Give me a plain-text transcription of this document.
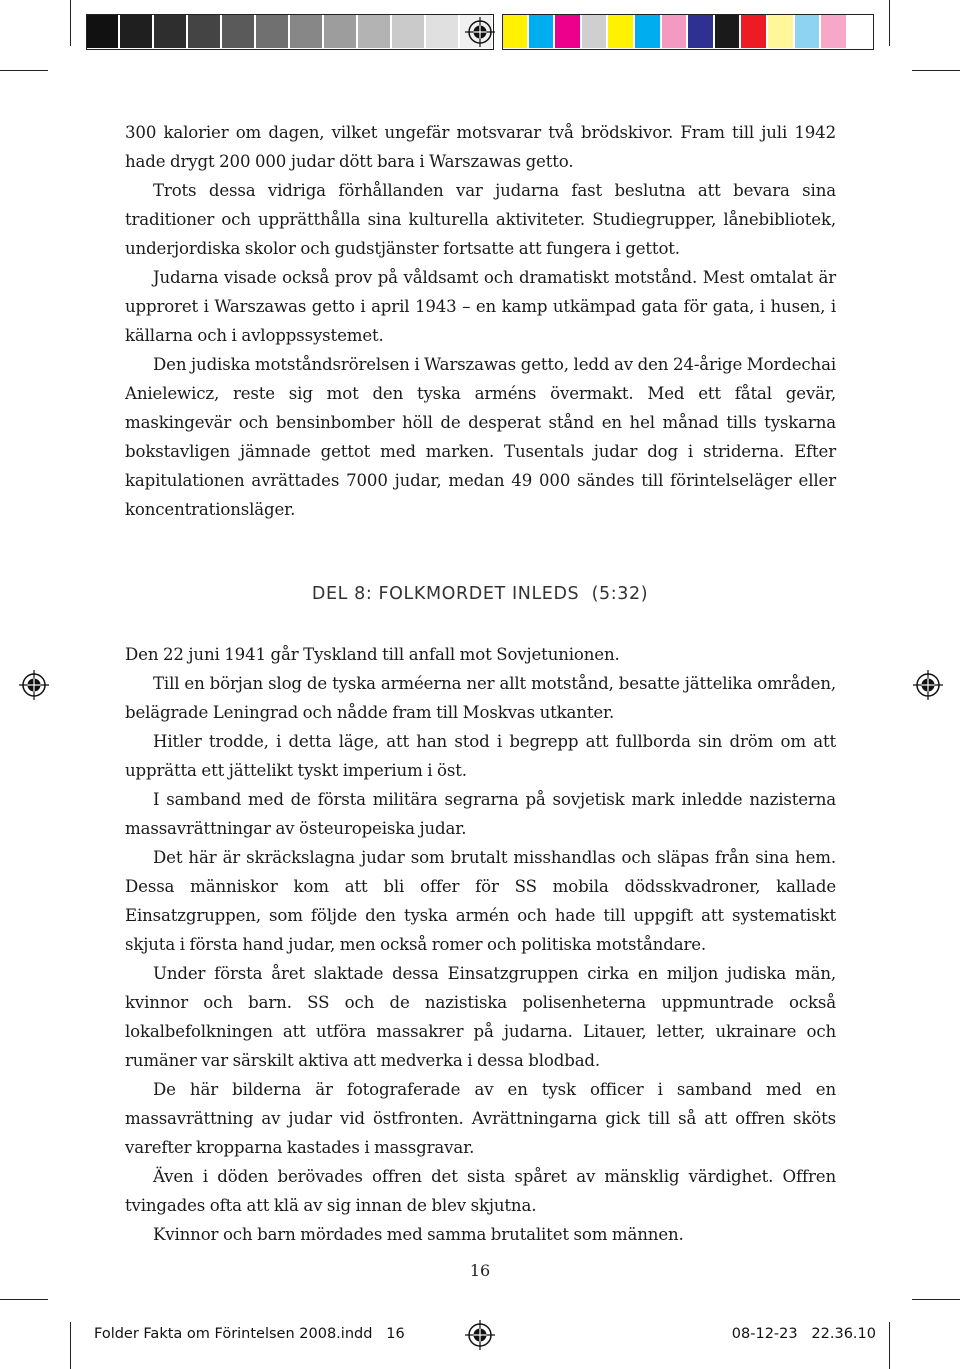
300 kalorier om dagen, vilket ungefär motsvarar två brödskivor. Fram till juli 1942 hade drygt 200 000 judar dött bara i Warszawas getto.

Trots dessa vidriga förhållanden var judarna fast beslutna att bevara sina traditioner och upprätthålla sina kulturella aktiviteter. Studiegrupper, lånebibliotek, underjordiska skolor och gudstjänster fortsatte att fungera i gettot.

Judarna visade också prov på våldsamt och dramatiskt motstånd. Mest omtalat är upproret i Warszawas getto i april 1943 – en kamp utkämpad gata för gata, i husen, i källarna och i avloppssystemet.

Den judiska motståndsrörelsen i Warszawas getto, ledd av den 24-årige Mordechai Anielewicz, reste sig mot den tyska arméns övermakt. Med ett fåtal gevär, maskingevär och bensinbomber höll de desperat stånd en hel månad tills tyskarna bokstavligen jämnade gettot med marken. Tusentals judar dog i striderna. Efter kapitulationen avrättades 7000 judar, medan 49 000 sändes till förintelseläger eller koncentrationsläger.

DEL 8: FOLKMORDET INLEDS  (5:32)

Den 22 juni 1941 går Tyskland till anfall mot Sovjetunionen.

Till en början slog de tyska arméerna ner allt motstånd, besatte jättelika områden, belägrade Leningrad och nådde fram till Moskvas utkanter.

Hitler trodde, i detta läge, att han stod i begrepp att fullborda sin dröm om att upprätta ett jättelikt tyskt imperium i öst.

I samband med de första militära segrarna på sovjetisk mark inledde nazisterna massavrättningar av östeuropeiska judar.

Det här är skräckslagna judar som brutalt misshandlas och släpas från sina hem. Dessa människor kom att bli offer för SS mobila dödsskvadroner, kallade Einsatzgruppen, som följde den tyska armén och hade till uppgift att systematiskt skjuta i första hand judar, men också romer och politiska motståndare.

Under första året slaktade dessa Einsatzgruppen cirka en miljon judiska män, kvinnor och barn. SS och de nazistiska polisenheterna uppmuntrade också lokalbefolkningen att utföra massakrer på judarna. Litauer, letter, ukrainare och rumäner var särskilt aktiva att medverka i dessa blodbad.

De här bilderna är fotograferade av en tysk officer i samband med en massavrättning av judar vid östfronten. Avrättningarna gick till så att offren sköts varefter kropparna kastades i massgravar.

Även i döden berövades offren det sista spåret av mänsklig värdighet. Offren tvingades ofta att klä av sig innan de blev skjutna.

Kvinnor och barn mördades med samma brutalitet som männen.

16
Folder Fakta om Förintelsen 2008.indd   16	08-12-23   22.36.10
